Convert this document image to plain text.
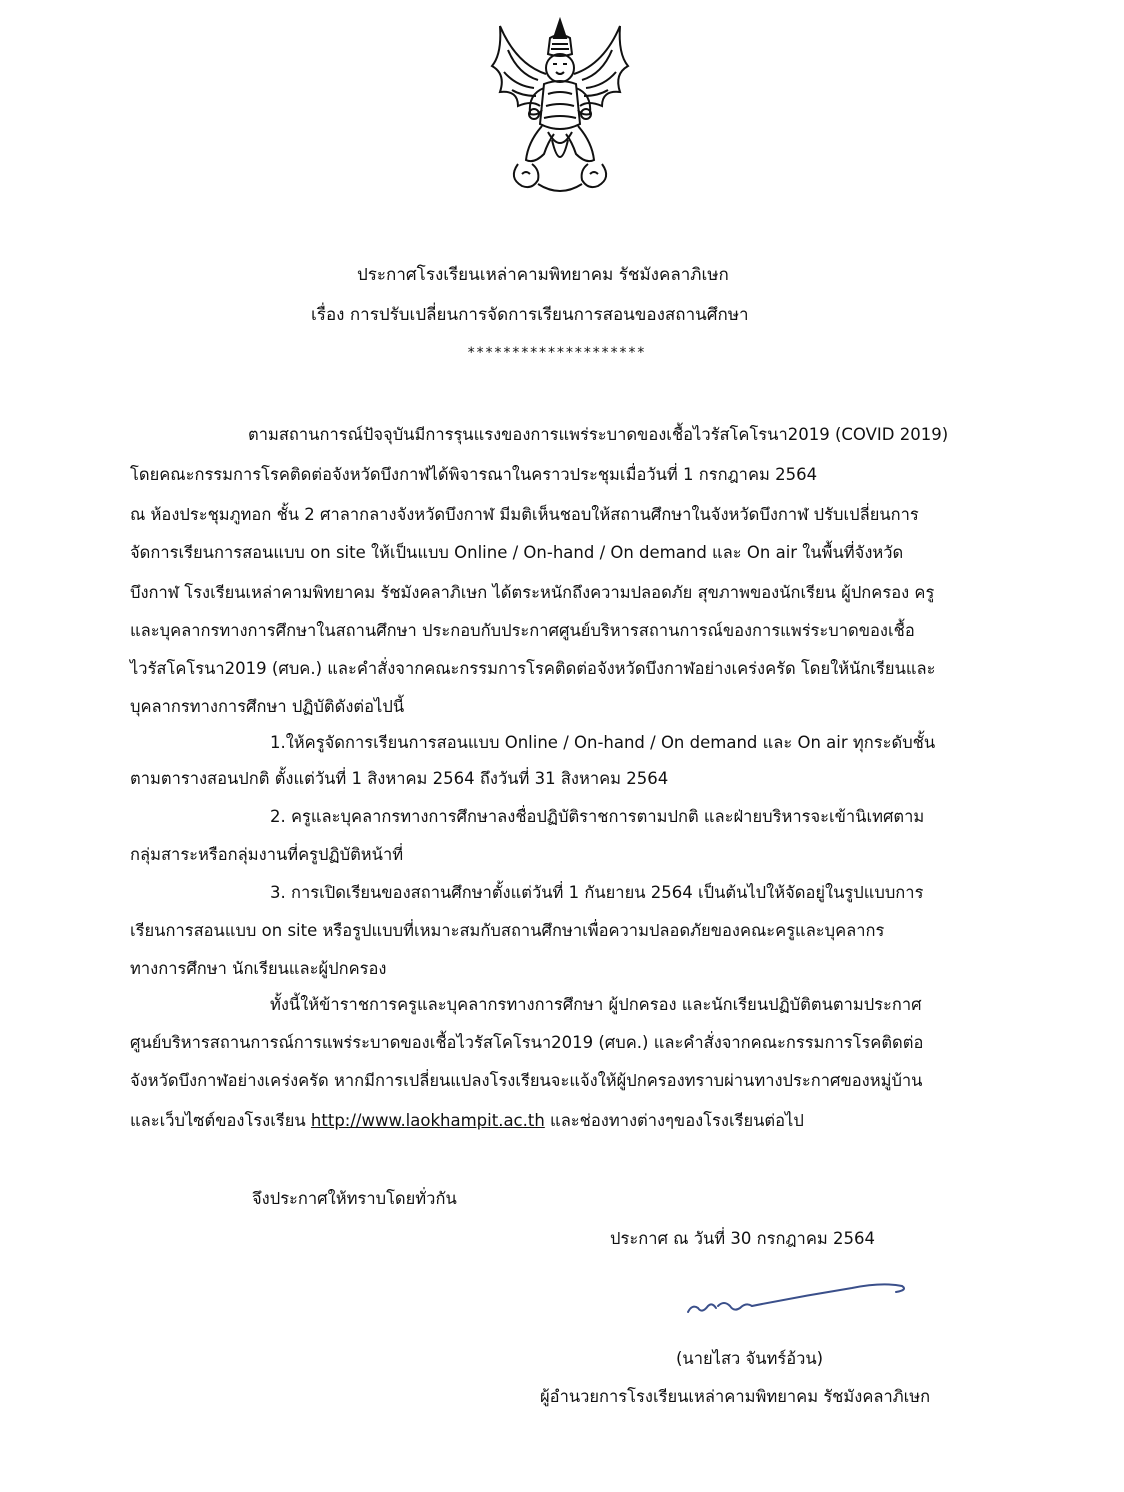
ประกาศโรงเรียนเหล่าคามพิทยาคม รัชมังคลาภิเษก
เรื่อง การปรับเปลี่ยนการจัดการเรียนการสอนของสถานศึกษา
********************
ตามสถานการณ์ปัจจุบันมีการรุนแรงของการแพร่ระบาดของเชื้อไวรัสโคโรนา2019 (COVID 2019)
โดยคณะกรรมการโรคติดต่อจังหวัดบึงกาฬได้พิจารณาในคราวประชุมเมื่อวันที่ 1 กรกฎาคม 2564
ณ ห้องประชุมภูทอก ชั้น 2 ศาลากลางจังหวัดบึงกาฬ มีมติเห็นชอบให้สถานศึกษาในจังหวัดบึงกาฬ ปรับเปลี่ยนการ
จัดการเรียนการสอนแบบ on site ให้เป็นแบบ Online / On-hand / On demand และ On air ในพื้นที่จังหวัด
บึงกาฬ โรงเรียนเหล่าคามพิทยาคม รัชมังคลาภิเษก ได้ตระหนักถึงความปลอดภัย สุขภาพของนักเรียน ผู้ปกครอง ครู
และบุคลากรทางการศึกษาในสถานศึกษา ประกอบกับประกาศศูนย์บริหารสถานการณ์ของการแพร่ระบาดของเชื้อ
ไวรัสโคโรนา2019 (ศบค.) และคำสั่งจากคณะกรรมการโรคติดต่อจังหวัดบึงกาฬอย่างเคร่งครัด โดยให้นักเรียนและ
บุคลากรทางการศึกษา ปฏิบัติดังต่อไปนี้
1.ให้ครูจัดการเรียนการสอนแบบ Online / On-hand / On demand และ On air ทุกระดับชั้น
ตามตารางสอนปกติ ตั้งแต่วันที่ 1 สิงหาคม 2564 ถึงวันที่ 31 สิงหาคม 2564
2. ครูและบุคลากรทางการศึกษาลงชื่อปฏิบัติราชการตามปกติ และฝ่ายบริหารจะเข้านิเทศตาม
กลุ่มสาระหรือกลุ่มงานที่ครูปฏิบัติหน้าที่
3. การเปิดเรียนของสถานศึกษาตั้งแต่วันที่ 1 กันยายน 2564 เป็นต้นไปให้จัดอยู่ในรูปแบบการ
เรียนการสอนแบบ on site หรือรูปแบบที่เหมาะสมกับสถานศึกษาเพื่อความปลอดภัยของคณะครูและบุคลากร
ทางการศึกษา นักเรียนและผู้ปกครอง
ทั้งนี้ให้ข้าราชการครูและบุคลากรทางการศึกษา ผู้ปกครอง และนักเรียนปฏิบัติตนตามประกาศ
ศูนย์บริหารสถานการณ์การแพร่ระบาดของเชื้อไวรัสโคโรนา2019 (ศบค.) และคำสั่งจากคณะกรรมการโรคติดต่อ
จังหวัดบึงกาฬอย่างเคร่งครัด หากมีการเปลี่ยนแปลงโรงเรียนจะแจ้งให้ผู้ปกครองทราบผ่านทางประกาศของหมู่บ้าน
และเว็บไซต์ของโรงเรียน http://www.laokhampit.ac.th และช่องทางต่างๆของโรงเรียนต่อไป
จึงประกาศให้ทราบโดยทั่วกัน
ประกาศ ณ วันที่ 30 กรกฎาคม 2564
(นายไสว จันทร์อ้วน)
ผู้อำนวยการโรงเรียนเหล่าคามพิทยาคม รัชมังคลาภิเษก
